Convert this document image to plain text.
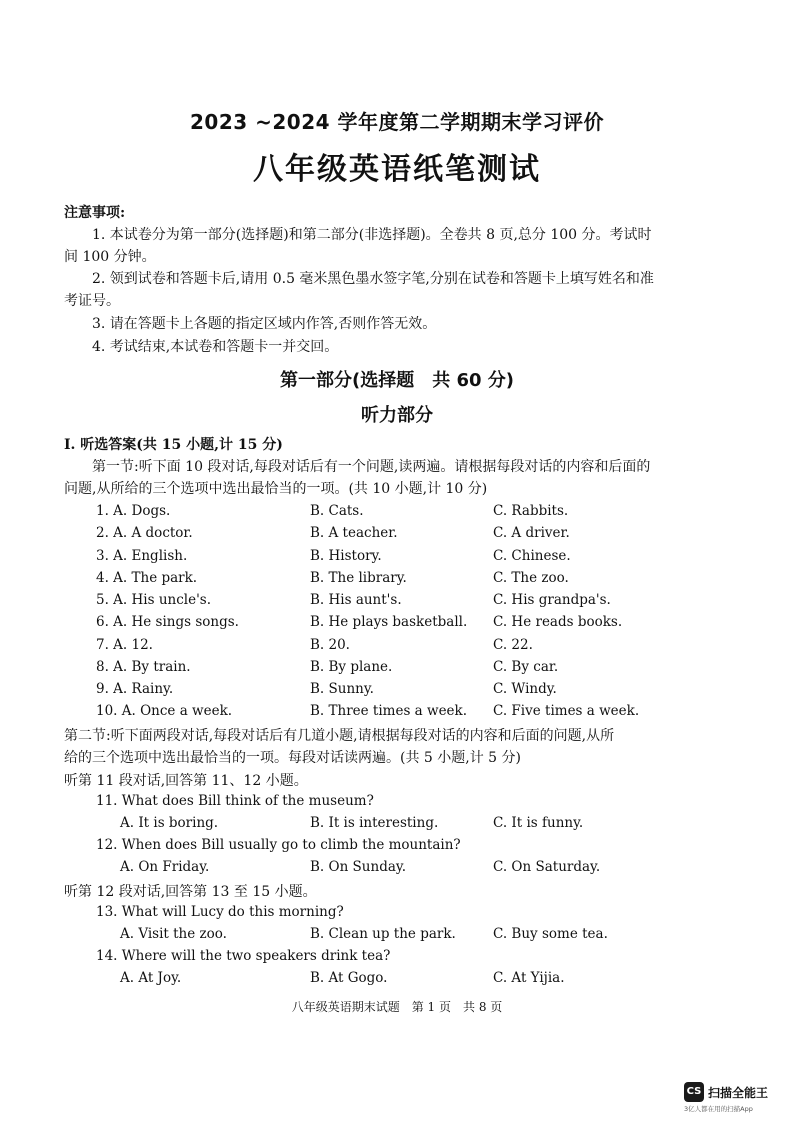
2023 ~2024 学年度第二学期期末学习评价
八年级英语纸笔测试
注意事项:
1. 本试卷分为第一部分(选择题)和第二部分(非选择题)。全卷共 8 页,总分 100 分。考试时
间 100 分钟。
2. 领到试卷和答题卡后,请用 0.5 毫米黑色墨水签字笔,分别在试卷和答题卡上填写姓名和准
考证号。
3. 请在答题卡上各题的指定区域内作答,否则作答无效。
4. 考试结束,本试卷和答题卡一并交回。
第一部分(选择题　共 60 分)
听力部分
Ⅰ. 听选答案(共 15 小题,计 15 分)
第一节:听下面 10 段对话,每段对话后有一个问题,读两遍。请根据每段对话的内容和后面的
问题,从所给的三个选项中选出最恰当的一项。(共 10 小题,计 10 分)
1. A. Dogs.	B. Cats.	C. Rabbits.
2. A. A doctor.	B. A teacher.	C. A driver.
3. A. English.	B. History.	C. Chinese.
4. A. The park.	B. The library.	C. The zoo.
5. A. His uncle's.	B. His aunt's.	C. His grandpa's.
6. A. He sings songs.	B. He plays basketball. C. He reads books.
7. A. 12.	B. 20.	C. 22.
8. A. By train.	B. By plane.	C. By car.
9. A. Rainy.	B. Sunny.	C. Windy.
10. A. Once a week.	B. Three times a week. C. Five times a week.
第二节:听下面两段对话,每段对话后有几道小题,请根据每段对话的内容和后面的问题,从所
给的三个选项中选出最恰当的一项。每段对话读两遍。(共 5 小题,计 5 分)
听第 11 段对话,回答第 11、12 小题。
11. What does Bill think of the museum?
A. It is boring.	B. It is interesting.	C. It is funny.
12. When does Bill usually go to climb the mountain?
A. On Friday.	B. On Sunday.	C. On Saturday.
听第 12 段对话,回答第 13 至 15 小题。
13. What will Lucy do this morning?
A. Visit the zoo.	B. Clean up the park.	C. Buy some tea.
14. Where will the two speakers drink tea?
A. At Joy.	B. At Gogo.	C. At Yijia.
八年级英语期末试题　第 1 页　共 8 页
CS 扫描全能王
3亿人都在用的扫描App
